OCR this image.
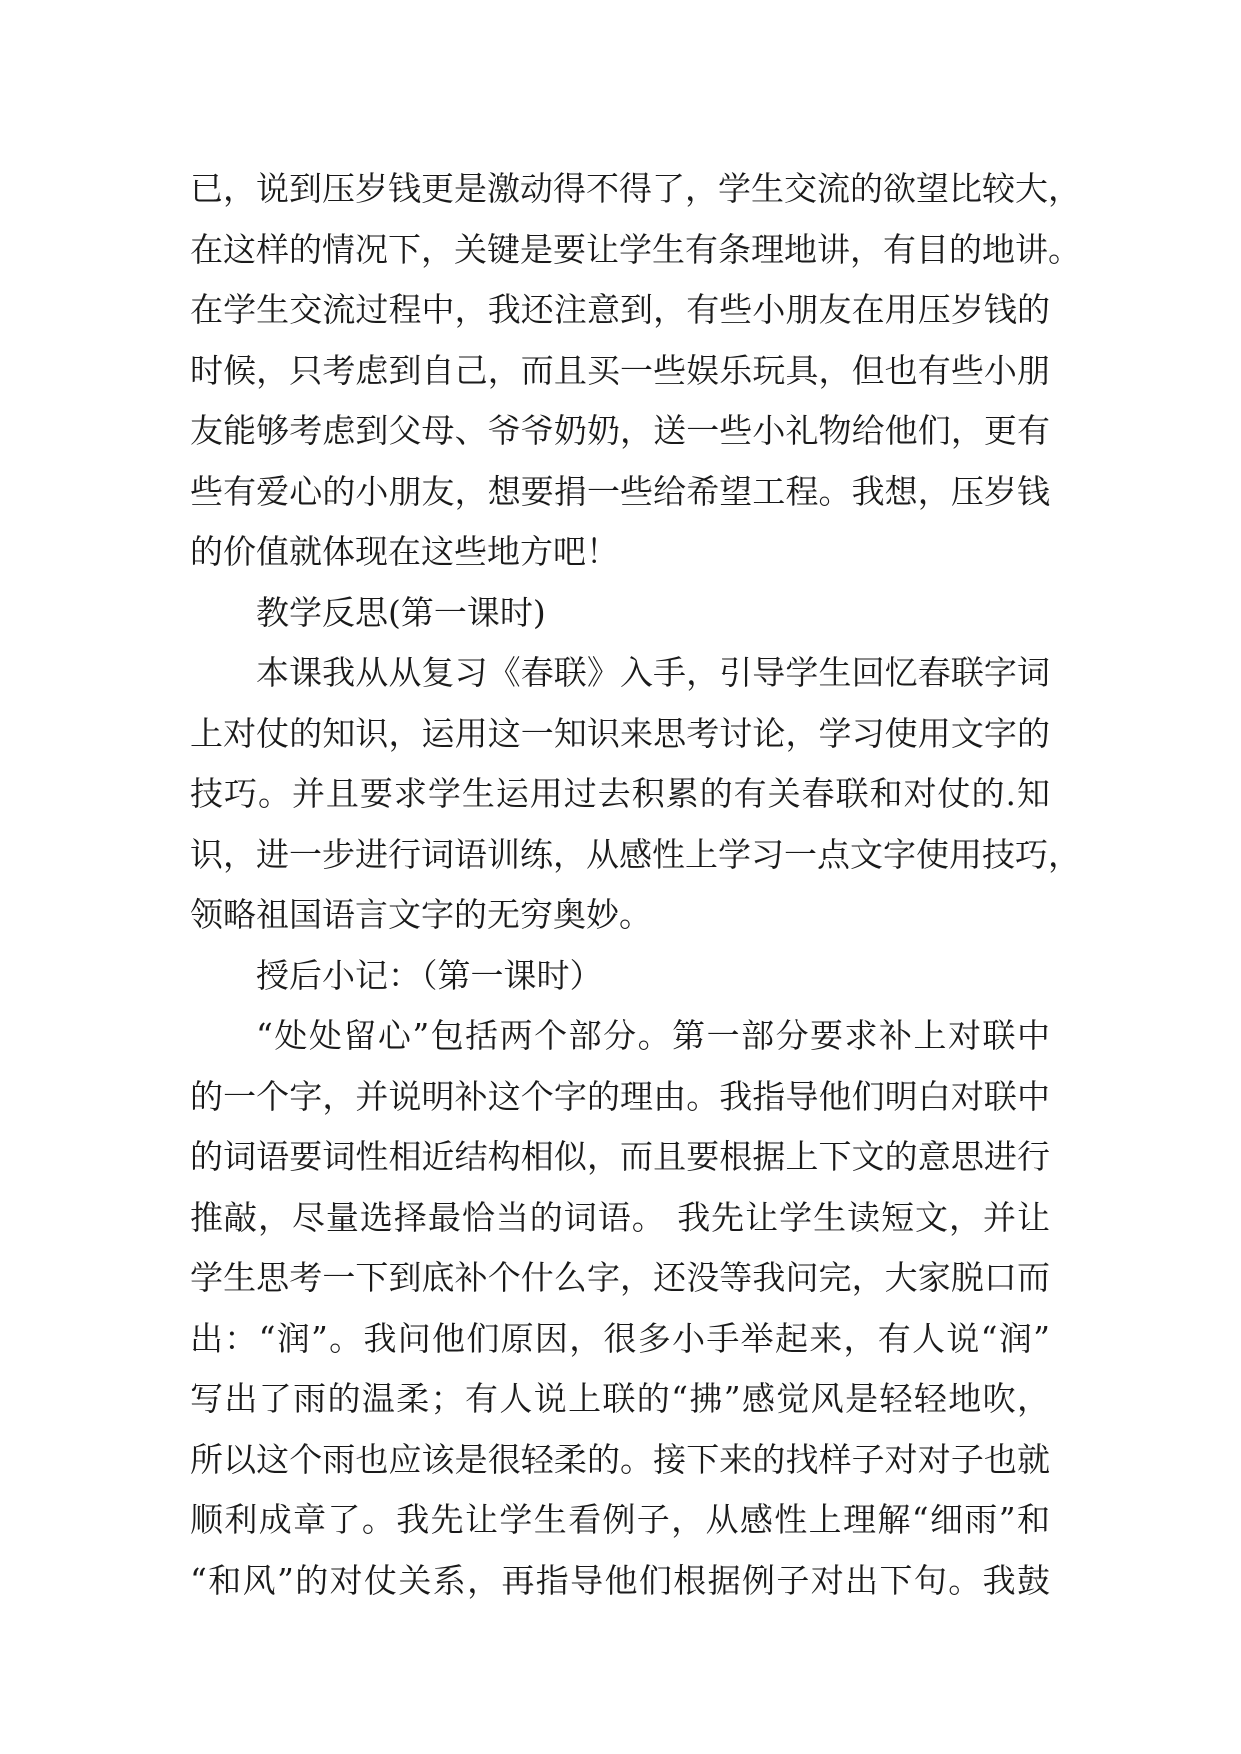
已，说到压岁钱更是激动得不得了，学生交流的欲望比较大，
在这样的情况下，关键是要让学生有条理地讲，有目的地讲。
在学生交流过程中，我还注意到，有些小朋友在用压岁钱的
时候，只考虑到自己，而且买一些娱乐玩具，但也有些小朋
友能够考虑到父母、爷爷奶奶，送一些小礼物给他们，更有
些有爱心的小朋友，想要捐一些给希望工程。我想，压岁钱
的价值就体现在这些地方吧！
教学反思(第一课时)
本课我从从复习《春联》入手，引导学生回忆春联字词
上对仗的知识，运用这一知识来思考讨论，学习使用文字的
技巧。并且要求学生运用过去积累的有关春联和对仗的.知
识，进一步进行词语训练，从感性上学习一点文字使用技巧，
领略祖国语言文字的无穷奥妙。
授后小记：（第一课时）
“处处留心”包括两个部分。第一部分要求补上对联中
的一个字，并说明补这个字的理由。我指导他们明白对联中
的词语要词性相近结构相似，而且要根据上下文的意思进行
推敲，尽量选择最恰当的词语。 我先让学生读短文，并让
学生思考一下到底补个什么字，还没等我问完，大家脱口而
出：“润”。我问他们原因，很多小手举起来，有人说“润”
写出了雨的温柔；有人说上联的“拂”感觉风是轻轻地吹，
所以这个雨也应该是很轻柔的。接下来的找样子对对子也就
顺利成章了。我先让学生看例子，从感性上理解“细雨”和
“和风”的对仗关系，再指导他们根据例子对出下句。我鼓
